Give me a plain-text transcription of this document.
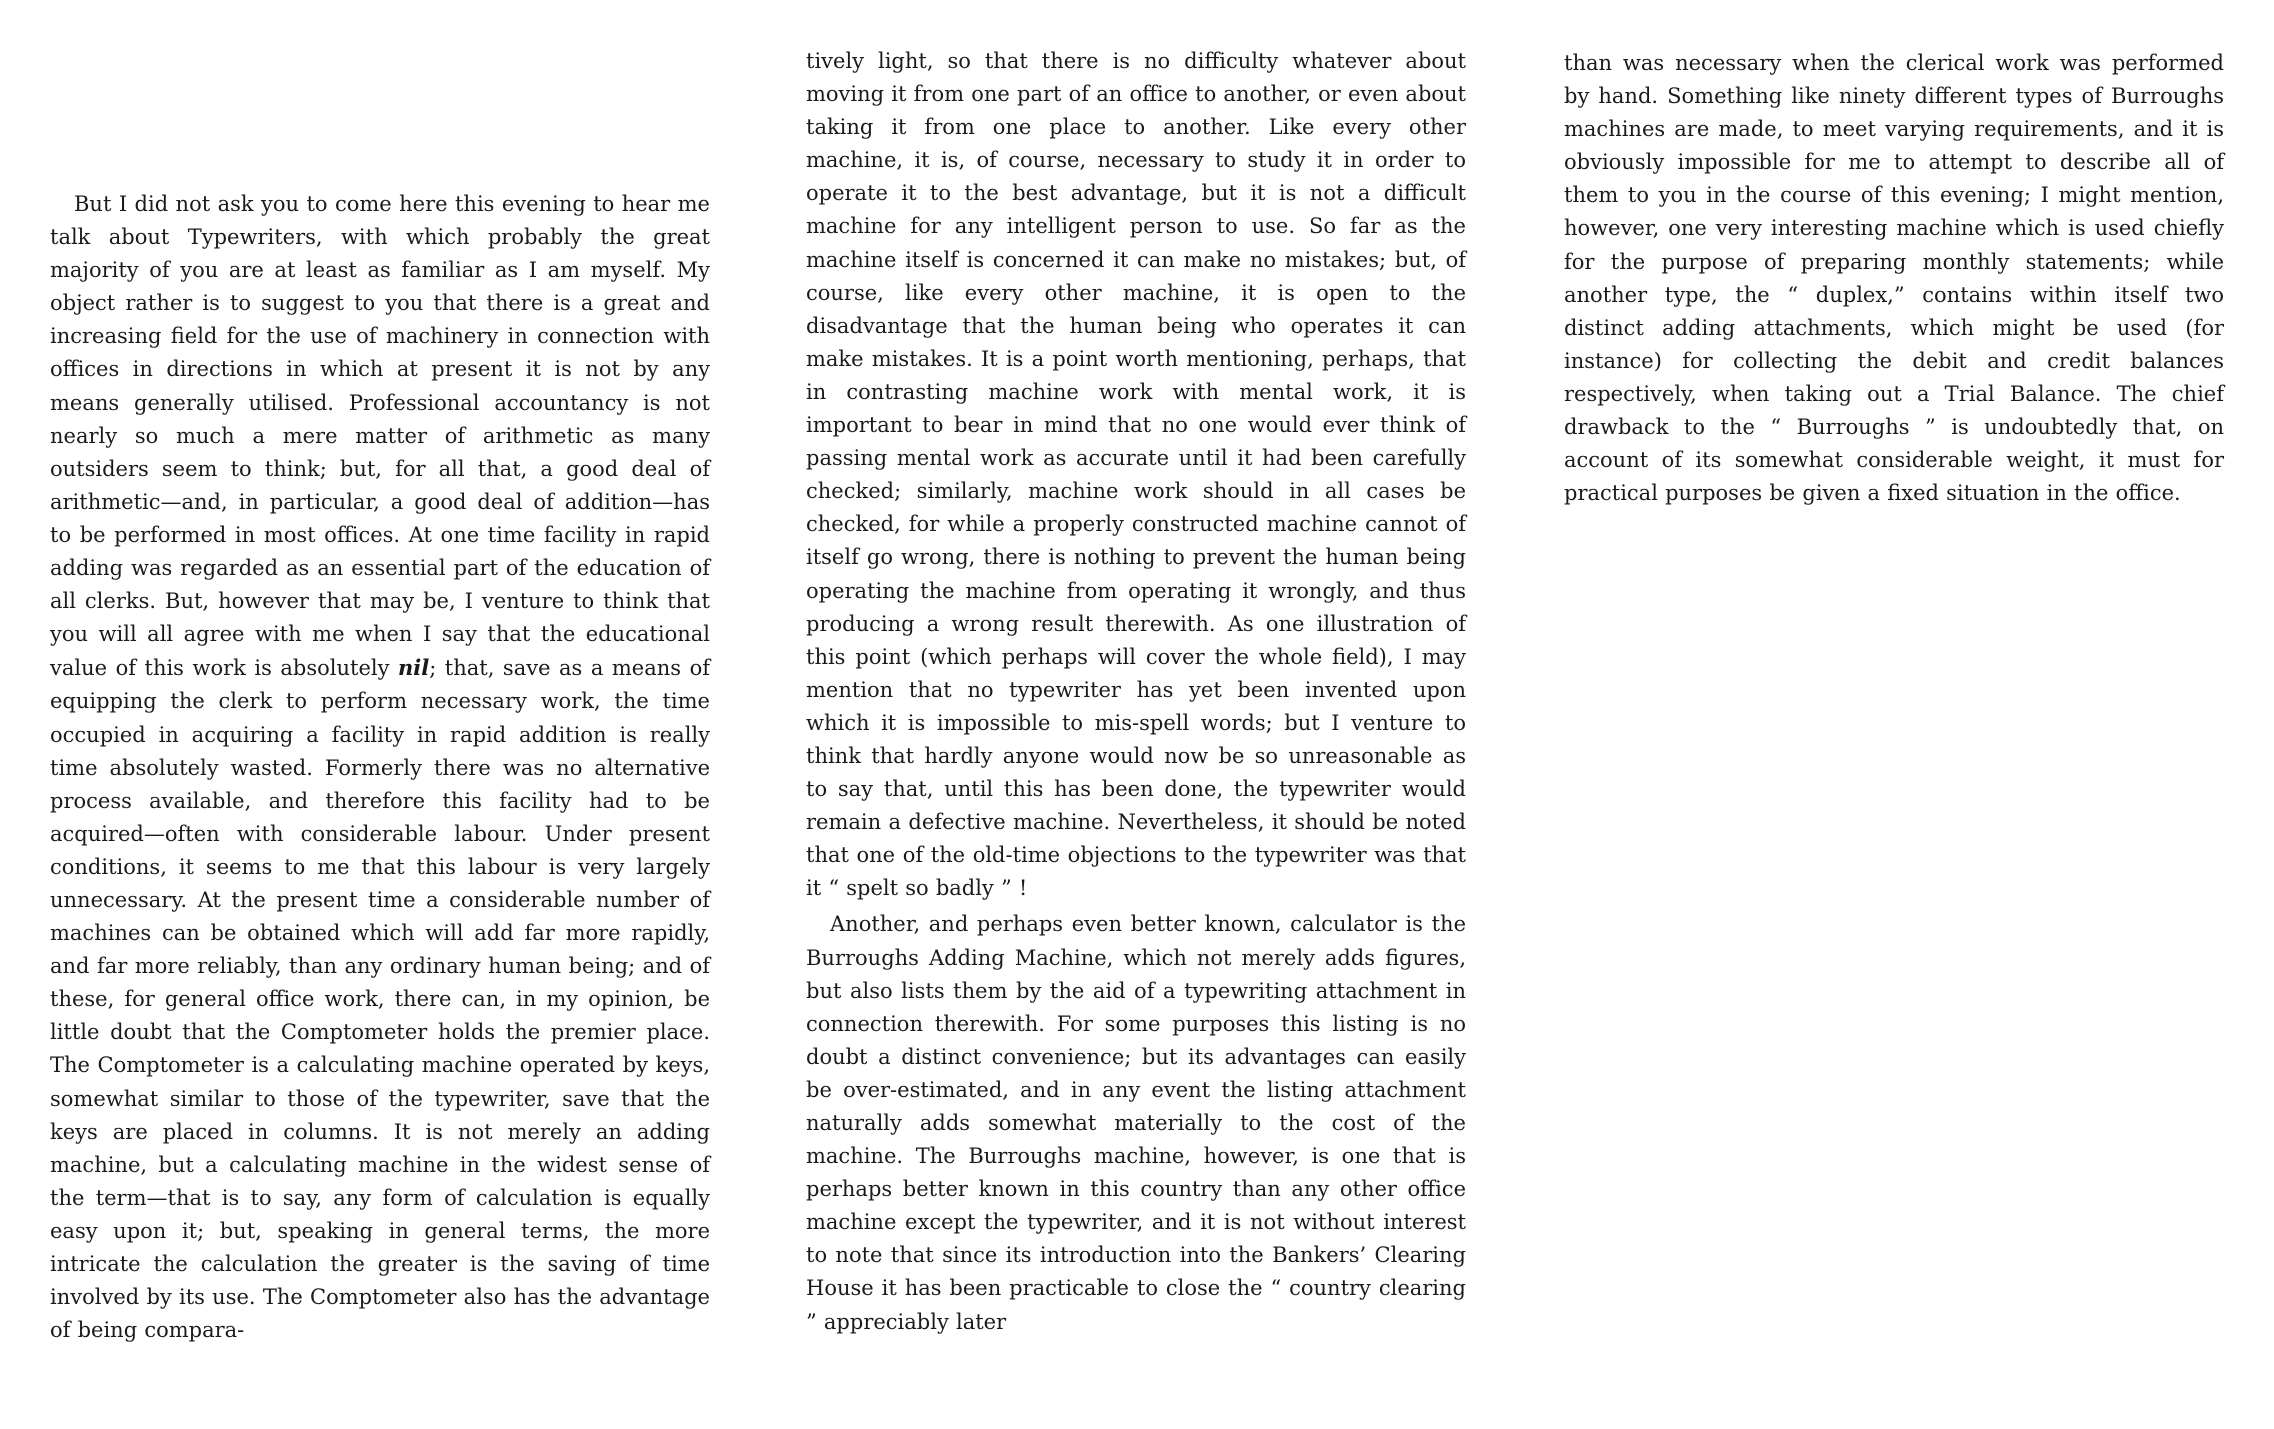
But I did not ask you to come here this evening to hear me talk about Typewriters, with which probably the great majority of you are at least as familiar as I am myself. My object rather is to suggest to you that there is a great and increasing field for the use of machinery in connection with offices in directions in which at present it is not by any means generally utilised. Professional accountancy is not nearly so much a mere matter of arithmetic as many outsiders seem to think; but, for all that, a good deal of arithmetic—and, in particular, a good deal of addition—has to be performed in most offices. At one time facility in rapid adding was regarded as an essential part of the education of all clerks. But, however that may be, I venture to think that you will all agree with me when I say that the educational value of this work is absolutely nil; that, save as a means of equipping the clerk to perform necessary work, the time occupied in acquiring a facility in rapid addition is really time absolutely wasted. Formerly there was no alternative process available, and therefore this facility had to be acquired—often with considerable labour. Under present conditions, it seems to me that this labour is very largely unnecessary. At the present time a considerable number of machines can be obtained which will add far more rapidly, and far more reliably, than any ordinary human being; and of these, for general office work, there can, in my opinion, be little doubt that the Comptometer holds the premier place. The Comptometer is a calculating machine operated by keys, somewhat similar to those of the typewriter, save that the keys are placed in columns. It is not merely an adding machine, but a calculating machine in the widest sense of the term—that is to say, any form of calculation is equally easy upon it; but, speaking in general terms, the more intricate the calculation the greater is the saving of time involved by its use. The Comptometer also has the advantage of being compara-

tively light, so that there is no difficulty whatever about moving it from one part of an office to another, or even about taking it from one place to another. Like every other machine, it is, of course, necessary to study it in order to operate it to the best advantage, but it is not a difficult machine for any intelligent person to use. So far as the machine itself is concerned it can make no mistakes; but, of course, like every other machine, it is open to the disadvantage that the human being who operates it can make mistakes. It is a point worth mentioning, perhaps, that in contrasting machine work with mental work, it is important to bear in mind that no one would ever think of passing mental work as accurate until it had been carefully checked; similarly, machine work should in all cases be checked, for while a properly constructed machine cannot of itself go wrong, there is nothing to prevent the human being operating the machine from operating it wrongly, and thus producing a wrong result therewith. As one illustration of this point (which perhaps will cover the whole field), I may mention that no typewriter has yet been invented upon which it is impossible to mis-spell words; but I venture to think that hardly anyone would now be so unreasonable as to say that, until this has been done, the typewriter would remain a defective machine. Nevertheless, it should be noted that one of the old-time objections to the typewriter was that it “ spelt so badly ” !

Another, and perhaps even better known, calculator is the Burroughs Adding Machine, which not merely adds figures, but also lists them by the aid of a typewriting attachment in connection therewith. For some purposes this listing is no doubt a distinct convenience; but its advantages can easily be over-estimated, and in any event the listing attachment naturally adds somewhat materially to the cost of the machine. The Burroughs machine, however, is one that is perhaps better known in this country than any other office machine except the typewriter, and it is not without interest to note that since its introduction into the Bankers’ Clearing House it has been practicable to close the “ country clearing ” appreciably later

than was necessary when the clerical work was performed by hand. Something like ninety different types of Burroughs machines are made, to meet varying requirements, and it is obviously impossible for me to attempt to describe all of them to you in the course of this evening; I might mention, however, one very interesting machine which is used chiefly for the purpose of preparing monthly statements; while another type, the “ duplex,” contains within itself two distinct adding attachments, which might be used (for instance) for collecting the debit and credit balances respectively, when taking out a Trial Balance. The chief drawback to the “ Burroughs ” is undoubtedly that, on account of its somewhat considerable weight, it must for practical purposes be given a fixed situation in the office.
